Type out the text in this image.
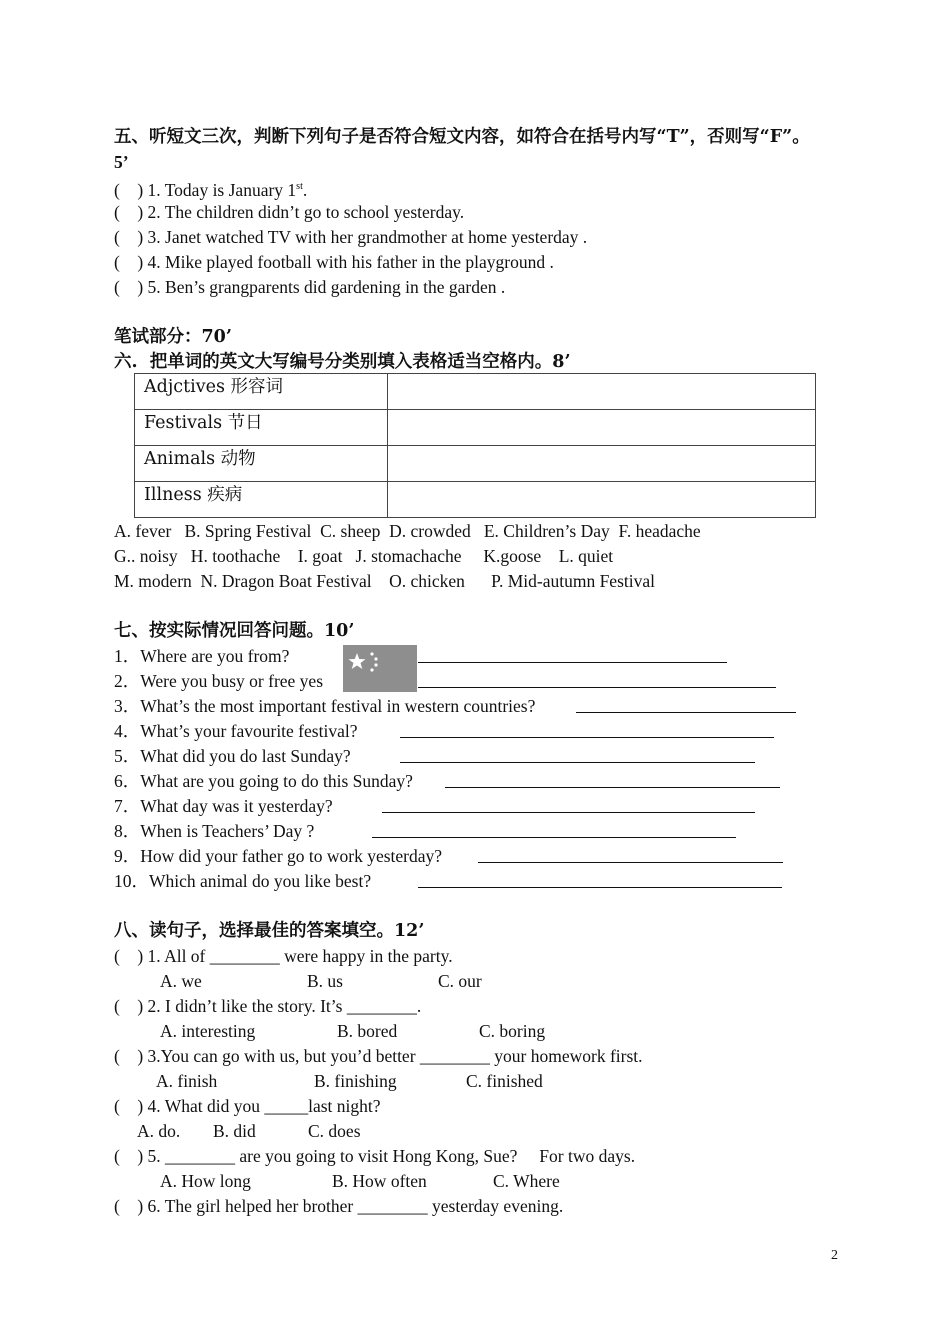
五、听短文三次，判断下列句子是否符合短文内容，如符合在括号内写“T”，否则写“F”。
5’
(    ) 1. Today is January 1st.
(    ) 2. The children didn’t go to school yesterday.
(    ) 3. Janet watched TV with her grandmother at home yesterday .
(    ) 4. Mike played football with his father in the playground .
(    ) 5. Ben’s grangparents did gardening in the garden .
笔试部分：70’
六.  把单词的英文大写编号分类别填入表格适当空格内。8’
Adjctives 形容词	
Festivals 节日	
Animals 动物	
Illness 疾病	
A. fever   B. Spring Festival  C. sheep  D. crowded   E. Children’s Day  F. headache
G.. noisy   H. toothache    I. goat   J. stomachache     K.goose    L. quiet
M. modern  N. Dragon Boat Festival    O. chicken      P. Mid-autumn Festival
七、按实际情况回答问题。10’
1．Where are you from?
2．Were you busy or free yes
3．What’s the most important festival in western countries?
4．What’s your favourite festival?
5．What did you do last Sunday?
6．What are you going to do this Sunday?
7．What day was it yesterday?
8．When is Teachers’ Day ?
9．How did your father go to work yesterday?
10．Which animal do you like best?
八、读句子，选择最佳的答案填空。12’
(    ) 1. All of ________ were happy in the party.
A. we	B. us	C. our
(    ) 2. I didn’t like the story. It’s ________.
A. interesting	B. bored	C. boring
(    ) 3.You can go with us, but you’d better ________ your homework first.
A. finish	B. finishing	C. finished
(    ) 4. What did you _____last night?
A. do. B. did	C. does
(    ) 5. ________ are you going to visit Hong Kong, Sue?     For two days.
A. How long	B. How often	C. Where
(    ) 6. The girl helped her brother ________ yesterday evening.
2
